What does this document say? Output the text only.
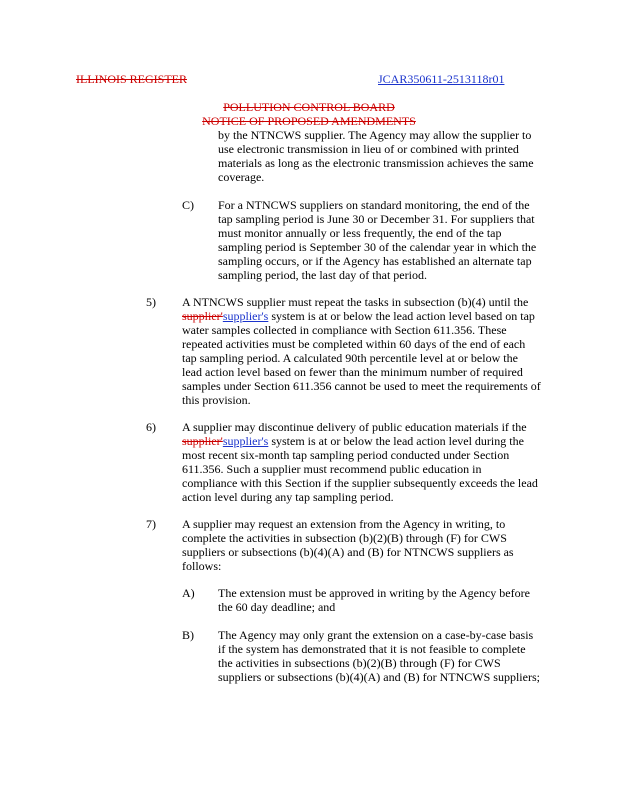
ILLINOIS REGISTER	JCAR350611-2513118r01
POLLUTION CONTROL BOARD
NOTICE OF PROPOSED AMENDMENTS
by the NTNCWS supplier. The Agency may allow the supplier to
use electronic transmission in lieu of or combined with printed
materials as long as the electronic transmission achieves the same
coverage.
C) For a NTNCWS suppliers on standard monitoring, the end of the
tap sampling period is June 30 or December 31. For suppliers that
must monitor annually or less frequently, the end of the tap
sampling period is September 30 of the calendar year in which the
sampling occurs, or if the Agency has established an alternate tap
sampling period, the last day of that period.
5) A NTNCWS supplier must repeat the tasks in subsection (b)(4) until the
supplier'supplier's system is at or below the lead action level based on tap
water samples collected in compliance with Section 611.356. These
repeated activities must be completed within 60 days of the end of each
tap sampling period. A calculated 90th percentile level at or below the
lead action level based on fewer than the minimum number of required
samples under Section 611.356 cannot be used to meet the requirements of
this provision.
6) A supplier may discontinue delivery of public education materials if the
supplier'supplier's system is at or below the lead action level during the
most recent six-month tap sampling period conducted under Section
611.356. Such a supplier must recommend public education in
compliance with this Section if the supplier subsequently exceeds the lead
action level during any tap sampling period.
7) A supplier may request an extension from the Agency in writing, to
complete the activities in subsection (b)(2)(B) through (F) for CWS
suppliers or subsections (b)(4)(A) and (B) for NTNCWS suppliers as
follows:
A) The extension must be approved in writing by the Agency before
the 60 day deadline; and
B) The Agency may only grant the extension on a case-by-case basis
if the system has demonstrated that it is not feasible to complete
the activities in subsections (b)(2)(B) through (F) for CWS
suppliers or subsections (b)(4)(A) and (B) for NTNCWS suppliers;
